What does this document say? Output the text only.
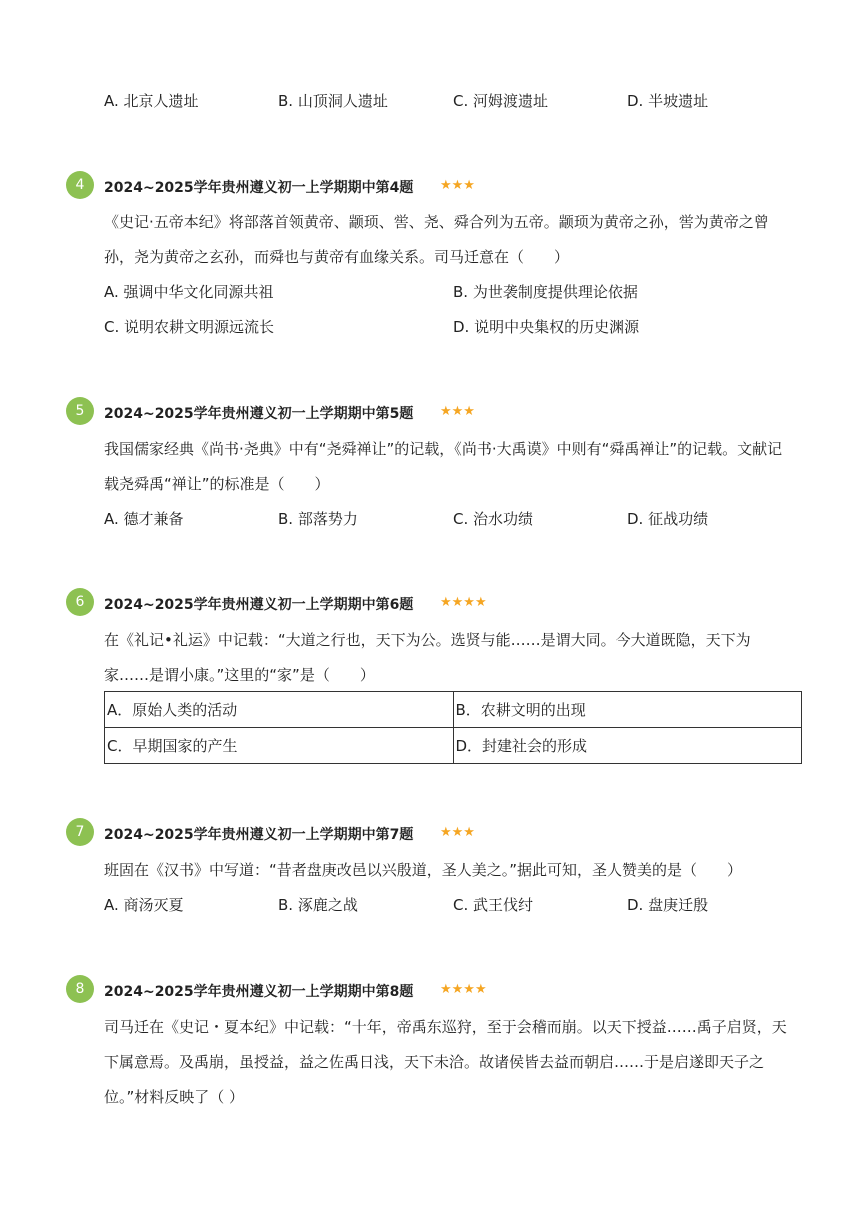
A. 北京人遗址	B. 山顶洞人遗址	C. 河姆渡遗址	D. 半坡遗址
4	2024~2025学年贵州遵义初一上学期期中第4题 ★★★
《史记·五帝本纪》将部落首领黄帝、颛顼、喾、尧、舜合列为五帝。颛顼为黄帝之孙，喾为黄帝之曾
孙，尧为黄帝之玄孙，而舜也与黄帝有血缘关系。司马迁意在（　　）
A. 强调中华文化同源共祖	B. 为世袭制度提供理论依据
C. 说明农耕文明源远流长	D. 说明中央集权的历史渊源
5	2024~2025学年贵州遵义初一上学期期中第5题 ★★★
我国儒家经典《尚书·尧典》中有“尧舜禅让”的记载，《尚书·大禹谟》中则有“舜禹禅让”的记载。文献记
载尧舜禹“禅让”的标准是（　　）
A. 德才兼备	B. 部落势力	C. 治水功绩	D. 征战功绩
6	2024~2025学年贵州遵义初一上学期期中第6题 ★★★★
在《礼记•礼运》中记载：“大道之行也，天下为公。选贤与能……是谓大同。今大道既隐，天下为
家……是谓小康。”这里的“家”是（　　）
A．原始人类的活动	B．农耕文明的出现
C．早期国家的产生	D．封建社会的形成
7	2024~2025学年贵州遵义初一上学期期中第7题 ★★★
班固在《汉书》中写道：“昔者盘庚改邑以兴殷道，圣人美之。”据此可知，圣人赞美的是（　　）
A. 商汤灭夏	B. 涿鹿之战	C. 武王伐纣	D. 盘庚迁殷
8	2024~2025学年贵州遵义初一上学期期中第8题 ★★★★
司马迁在《史记・夏本纪》中记载：“十年，帝禹东巡狩，至于会稽而崩。以天下授益……禹子启贤，天
下属意焉。及禹崩，虽授益，益之佐禹日浅，天下未洽。故诸侯皆去益而朝启……于是启遂即天子之
位。”材料反映了（ ）
